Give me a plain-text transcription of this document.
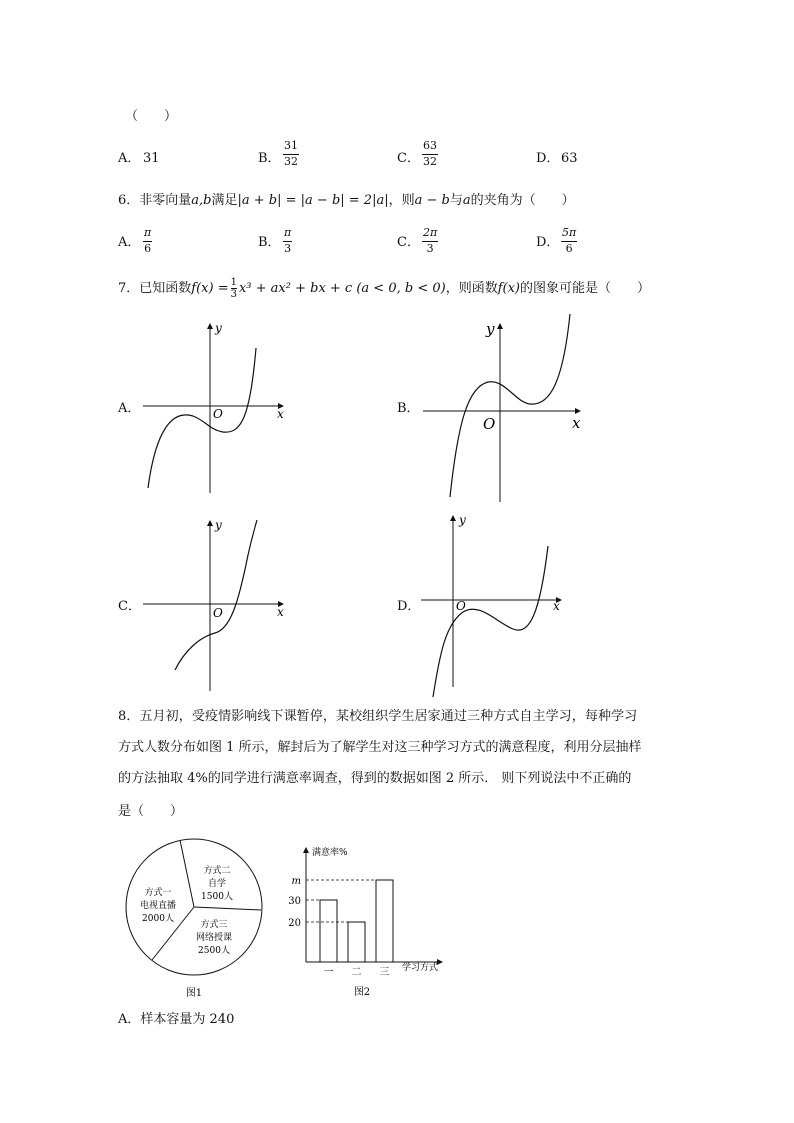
（　　）
A． 31	B． $\frac{31}{32}$	C． $\frac{63}{32}$	D． 63
6．非零向量a,b满足|a + b| = |a − b| = 2|a|，则a − b与a的夹角为（　　）
A． $\frac{\pi}{6}$	B． $\frac{\pi}{3}$	C． $\frac{2\pi}{3}$	D． $\frac{5\pi}{6}$
7．已知函数$f(x) = \frac{1}{3} x^3 + ax^2$ + bx + c (a < 0, b < 0)，则函数f(x)的图象可能是（　　）
A．
y
x
O	B．
y
x
O
C．
y
x
O	D．
y
x
O
8．五月初，受疫情影响线下课暂停，某校组织学生居家通过三种方式自主学习，每种学习
方式人数分布如图 1 所示，解封后为了解学生对这三种学习方式的满意程度，利用分层抽样
的方法抽取 4%的同学进行满意率调查，得到的数据如图 2 所示． 则下列说法中不正确的
是（　　）
方式一
电视直播
2000人
方式二
自学
1500人
方式三
网络授课
2500人
图1
满意率%
学习方式
图2
一 二 三
20
30
m
A．样本容量为 240
